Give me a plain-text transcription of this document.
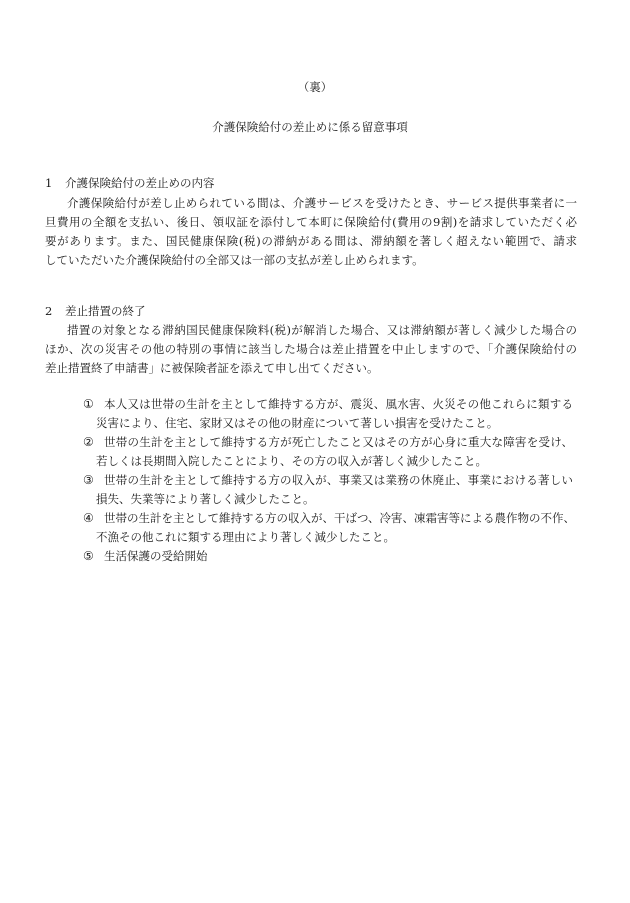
（裏）
介護保険給付の差止めに係る留意事項
1 介護保険給付の差止めの内容
介護保険給付が差し止められている間は、介護サービスを受けたとき、サービス提供事業者に一
旦費用の全額を支払い、後日、領収証を添付して本町に保険給付(費用の9割)を請求していただく必
要があります。また、国民健康保険(税)の滞納がある間は、滞納額を著しく超えない範囲で、請求
していただいた介護保険給付の全部又は一部の支払が差し止められます。
2 差止措置の終了
措置の対象となる滞納国民健康保険料(税)が解消した場合、又は滞納額が著しく減少した場合の
ほか、次の災害その他の特別の事情に該当した場合は差止措置を中止しますので、「介護保険給付の
差止措置終了申請書」に被保険者証を添えて申し出てください。
① 本人又は世帯の生計を主として維持する方が、震災、風水害、火災その他これらに類する
災害により、住宅、家財又はその他の財産について著しい損害を受けたこと。
② 世帯の生計を主として維持する方が死亡したこと又はその方が心身に重大な障害を受け、
若しくは長期間入院したことにより、その方の収入が著しく減少したこと。
③ 世帯の生計を主として維持する方の収入が、事業又は業務の休廃止、事業における著しい
損失、失業等により著しく減少したこと。
④ 世帯の生計を主として維持する方の収入が、干ばつ、冷害、凍霜害等による農作物の不作、
不漁その他これに類する理由により著しく減少したこと。
⑤ 生活保護の受給開始
